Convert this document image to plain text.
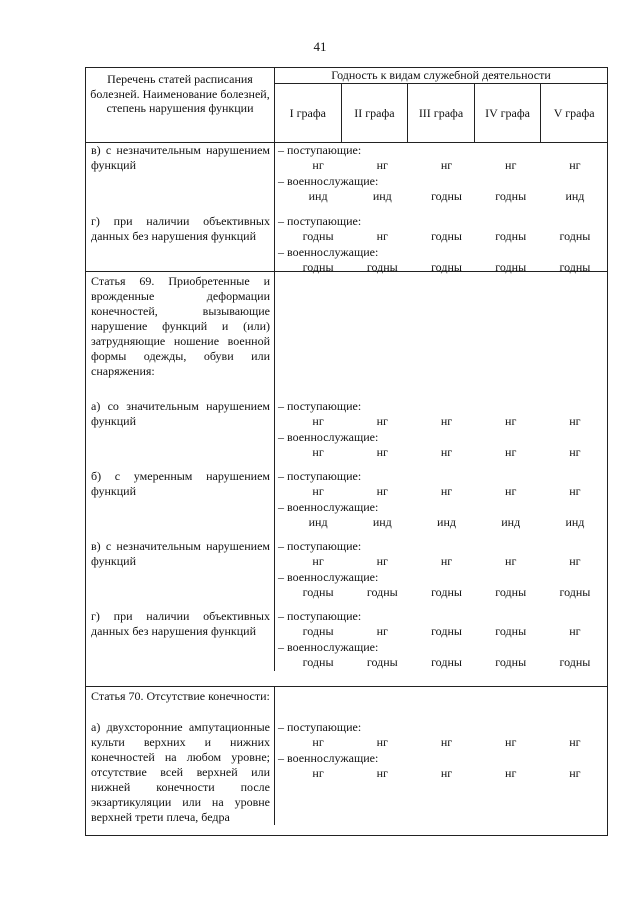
41
Перечень статей расписания болезней. Наименование болезней, степень нарушения функции
Годность к видам служебной деятельности
I графа	II графа	III графа	IV графа	V графа
в) с незначительным нарушением функций
– поступающие:
нг	нг	нг	нг	нг
– военнослужащие:
инд	инд	годны	годны	инд
г) при наличии объективных данных без нарушения функций
– поступающие:
годны	нг	годны	годны	годны
– военнослужащие:
годны	годны	годны	годны	годны
Статья 69. Приобретенные и врожденные деформации конечностей, вызывающие нарушение функций и (или) затрудняющие ношение военной формы одежды, обуви или снаряжения:
а) со значительным нарушением функций
– поступающие:
нг	нг	нг	нг	нг
– военнослужащие:
нг	нг	нг	нг	нг
б) с умеренным нарушением функций
– поступающие:
нг	нг	нг	нг	нг
– военнослужащие:
инд	инд	инд	инд	инд
в) с незначительным нарушением функций
– поступающие:
нг	нг	нг	нг	нг
– военнослужащие:
годны	годны	годны	годны	годны
г) при наличии объективных данных без нарушения функций
– поступающие:
годны	нг	годны	годны	нг
– военнослужащие:
годны	годны	годны	годны	годны
Статья 70. Отсутствие конечности:
а) двухсторонние ампутационные культи верхних и нижних конечностей на любом уровне; отсутствие всей верхней или нижней конечности после экзартикуляции или на уровне верхней трети плеча, бедра
– поступающие:
нг	нг	нг	нг	нг
– военнослужащие:
нг	нг	нг	нг	нг
